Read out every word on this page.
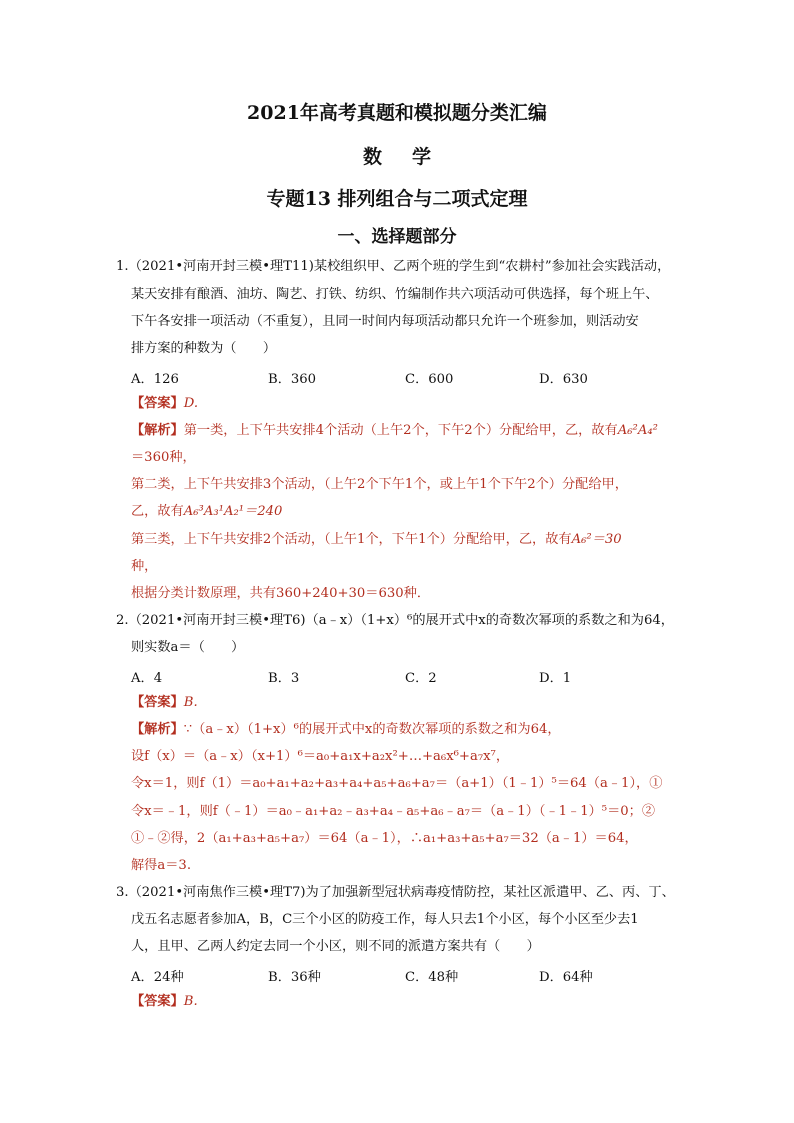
2021年高考真题和模拟题分类汇编
数学
专题13 排列组合与二项式定理
一、选择题部分
1.（2021•河南开封三模•理T11)某校组织甲、乙两个班的学生到“农耕村”参加社会实践活动，
某天安排有酿酒、油坊、陶艺、打铁、纺织、竹编制作共六项活动可供选择，每个班上午、
下午各安排一项活动（不重复），且同一时间内每项活动都只允许一个班参加，则活动安
排方案的种数为（　　）
A．126	B．360	C．600	D．630
【答案】D.
【解析】第一类，上下午共安排4个活动（上午2个，下午2个）分配给甲，乙，故有A₆²A₄²
＝360种，
第二类，上下午共安排3个活动，（上午2个下午1个，或上午1个下午2个）分配给甲，
乙，故有A₆³A₃¹A₂¹＝240
第三类，上下午共安排2个活动，（上午1个，下午1个）分配给甲，乙，故有A₆²＝30
种，
根据分类计数原理，共有360+240+30＝630种．
2.（2021•河南开封三模•理T6)（a﹣x）（1+x）⁶的展开式中x的奇数次幂项的系数之和为64，
则实数a＝（　　）
A．4	B．3	C．2	D．1
【答案】B.
【解析】∵（a﹣x）（1+x）⁶的展开式中x的奇数次幂项的系数之和为64，
设f（x）＝（a﹣x）（x+1）⁶＝a₀+a₁x+a₂x²+…+a₆x⁶+a₇x⁷，
令x＝1，则f（1）＝a₀+a₁+a₂+a₃+a₄+a₅+a₆+a₇＝（a+1）（1﹣1）⁵＝64（a﹣1），①
令x＝﹣1，则f（﹣1）＝a₀﹣a₁+a₂﹣a₃+a₄﹣a₅+a₆﹣a₇＝（a﹣1）（﹣1﹣1）⁵＝0；②
①﹣②得，2（a₁+a₃+a₅+a₇）＝64（a﹣1），∴a₁+a₃+a₅+a₇＝32（a﹣1）＝64，
解得a＝3.
3.（2021•河南焦作三模•理T7)为了加强新型冠状病毒疫情防控，某社区派遣甲、乙、丙、丁、
戊五名志愿者参加A，B，C三个小区的防疫工作，每人只去1个小区，每个小区至少去1
人，且甲、乙两人约定去同一个小区，则不同的派遣方案共有（　　）
A．24种	B．36种	C．48种	D．64种
【答案】B.
